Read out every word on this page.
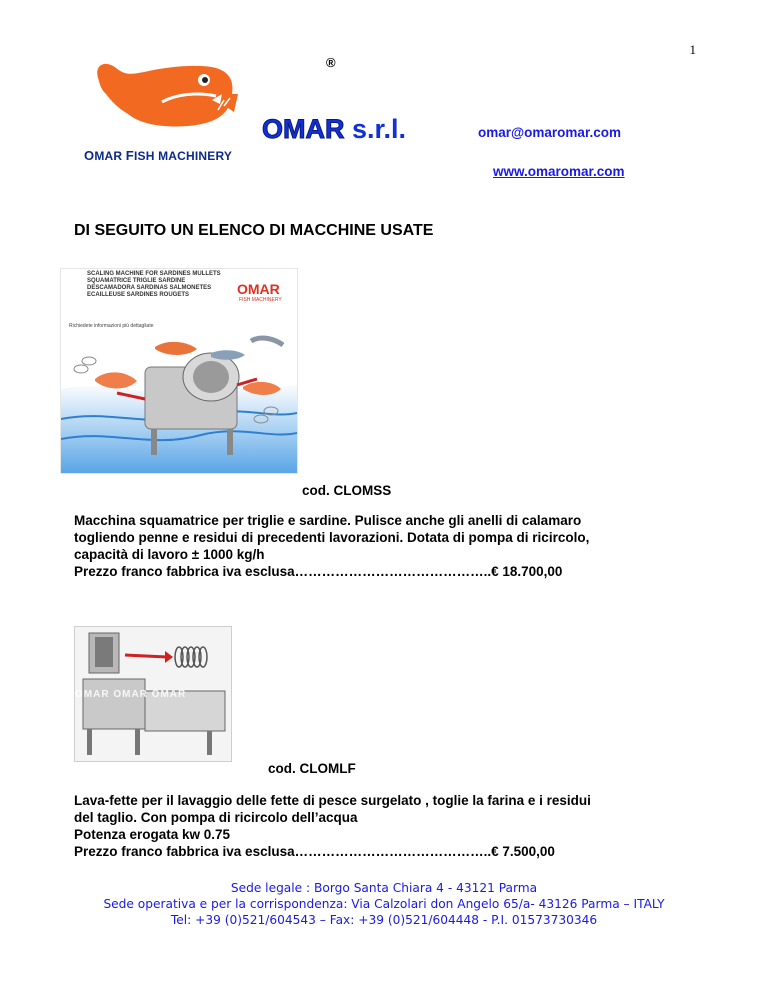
1
®
OMAR FISH MACHINERY
OMAR s.r.l.	omar@omaromar.com
www.omaromar.com
DI SEGUITO UN ELENCO DI MACCHINE USATE
SCALING MACHINE FOR SARDINES MULLETS
SQUAMATRICE TRIGLIE SARDINE
DESCAMADORA SARDINAS SALMONETES
ECAILLEUSE SARDINES ROUGETS	OMAR
FISH MACHINERY
Richiedete informazioni più dettagliate
cod. CLOMSS
Macchina squamatrice per triglie e sardine. Pulisce anche gli anelli di calamaro
togliendo penne e residui di precedenti lavorazioni. Dotata di pompa di ricircolo,
capacità di lavoro ± 1000 kg/h
Prezzo franco fabbrica iva esclusa……………………………………..€ 18.700,00
OMAR OMAR OMAR
cod. CLOMLF
Lava-fette per il lavaggio delle fette di pesce surgelato , toglie la farina e i residui
del taglio. Con pompa di ricircolo dell’acqua
Potenza erogata kw 0.75
Prezzo franco fabbrica iva esclusa……………………………………..€ 7.500,00
Sede legale : Borgo Santa Chiara 4 - 43121 Parma
Sede operativa e per la corrispondenza: Via Calzolari don Angelo 65/a- 43126 Parma – ITALY
Tel: +39 (0)521/604543 – Fax: +39 (0)521/604448 - P.I. 01573730346
